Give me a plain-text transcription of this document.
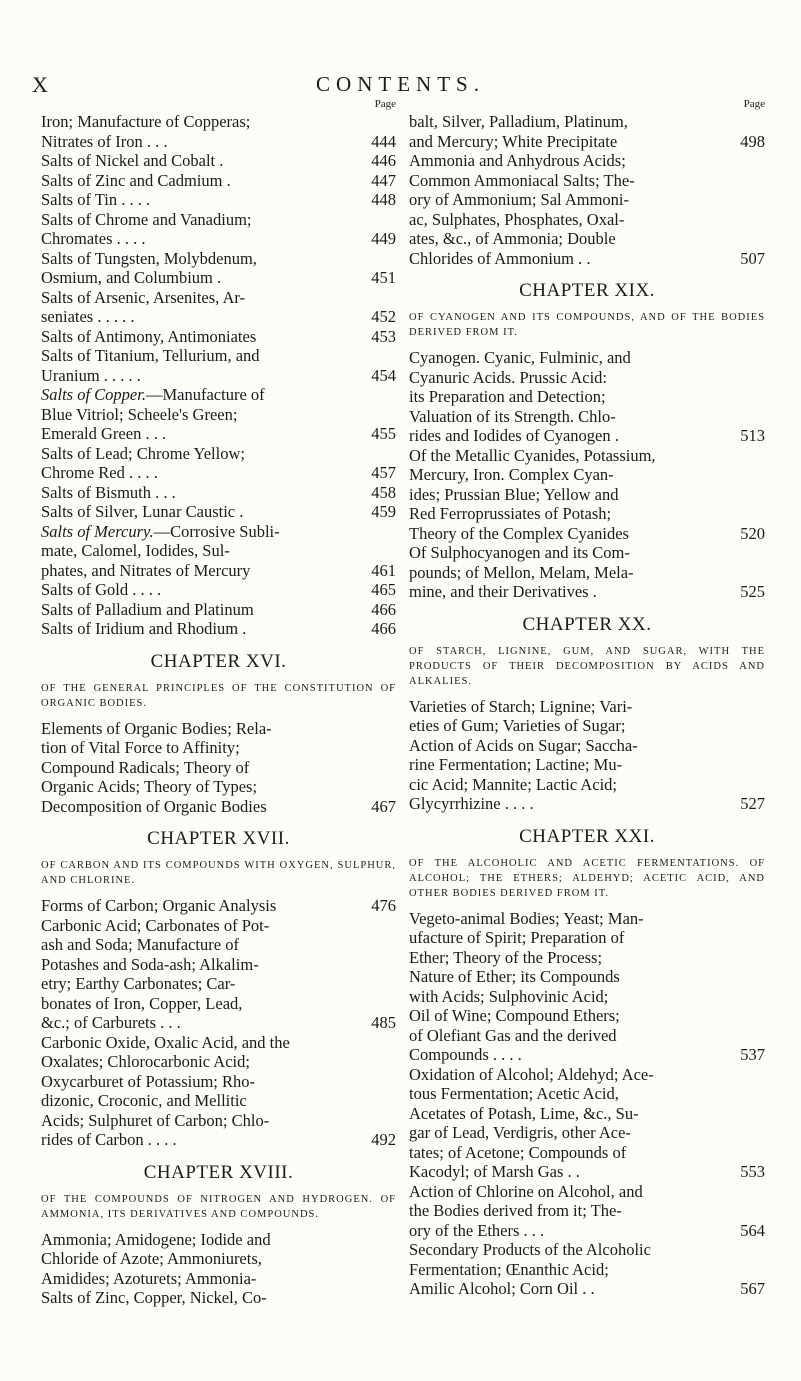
X	CONTENTS.
Page
Iron; Manufacture of Copperas;
Nitrates of Iron . . .	444
Salts of Nickel and Cobalt .	446
Salts of Zinc and Cadmium .	447
Salts of Tin . . . .	448
Salts of Chrome and Vanadium;
Chromates . . . .	449
Salts of Tungsten, Molybdenum,
Osmium, and Columbium .	451
Salts of Arsenic, Arsenites, Ar-
seniates . . . . .	452
Salts of Antimony, Antimoniates	453
Salts of Titanium, Tellurium, and
Uranium . . . . .	454
Salts of Copper.—Manufacture of
Blue Vitriol; Scheele's Green;
Emerald Green . . .	455
Salts of Lead; Chrome Yellow;
Chrome Red . . . .	457
Salts of Bismuth . . .	458
Salts of Silver, Lunar Caustic .	459
Salts of Mercury.—Corrosive Subli-
mate, Calomel, Iodides, Sul-
phates, and Nitrates of Mercury	461
Salts of Gold . . . .	465
Salts of Palladium and Platinum	466
Salts of Iridium and Rhodium .	466
CHAPTER XVI.
OF THE GENERAL PRINCIPLES OF THE CONSTITUTION OF ORGANIC BODIES.
Elements of Organic Bodies; Rela-
tion of Vital Force to Affinity;
Compound Radicals; Theory of
Organic Acids; Theory of Types;
Decomposition of Organic Bodies	467
CHAPTER XVII.
OF CARBON AND ITS COMPOUNDS WITH OXYGEN, SULPHUR, AND CHLORINE.
Forms of Carbon; Organic Analysis	476
Carbonic Acid; Carbonates of Pot-
ash and Soda; Manufacture of
Potashes and Soda-ash; Alkalim-
etry; Earthy Carbonates; Car-
bonates of Iron, Copper, Lead,
&c.; of Carburets . . .	485
Carbonic Oxide, Oxalic Acid, and the
Oxalates; Chlorocarbonic Acid;
Oxycarburet of Potassium; Rho-
dizonic, Croconic, and Mellitic
Acids; Sulphuret of Carbon; Chlo-
rides of Carbon . . . .	492
CHAPTER XVIII.
OF THE COMPOUNDS OF NITROGEN AND HYDROGEN. OF AMMONIA, ITS DERIVATIVES AND COMPOUNDS.
Ammonia; Amidogene; Iodide and
Chloride of Azote; Ammoniurets,
Amidides; Azoturets; Ammonia-
Salts of Zinc, Copper, Nickel, Co-
Page
balt, Silver, Palladium, Platinum,
and Mercury; White Precipitate	498
Ammonia and Anhydrous Acids;
Common Ammoniacal Salts; The-
ory of Ammonium; Sal Ammoni-
ac, Sulphates, Phosphates, Oxal-
ates, &c., of Ammonia; Double
Chlorides of Ammonium . .	507
CHAPTER XIX.
OF CYANOGEN AND ITS COMPOUNDS, AND OF THE BODIES DERIVED FROM IT.
Cyanogen. Cyanic, Fulminic, and
Cyanuric Acids. Prussic Acid:
its Preparation and Detection;
Valuation of its Strength. Chlo-
rides and Iodides of Cyanogen .	513
Of the Metallic Cyanides, Potassium,
Mercury, Iron. Complex Cyan-
ides; Prussian Blue; Yellow and
Red Ferroprussiates of Potash;
Theory of the Complex Cyanides	520
Of Sulphocyanogen and its Com-
pounds; of Mellon, Melam, Mela-
mine, and their Derivatives .	525
CHAPTER XX.
OF STARCH, LIGNINE, GUM, AND SUGAR, WITH THE PRODUCTS OF THEIR DECOMPOSITION BY ACIDS AND ALKALIES.
Varieties of Starch; Lignine; Vari-
eties of Gum; Varieties of Sugar;
Action of Acids on Sugar; Saccha-
rine Fermentation; Lactine; Mu-
cic Acid; Mannite; Lactic Acid;
Glycyrrhizine . . . .	527
CHAPTER XXI.
OF THE ALCOHOLIC AND ACETIC FERMENTATIONS. OF ALCOHOL; THE ETHERS; ALDEHYD; ACETIC ACID, AND OTHER BODIES DERIVED FROM IT.
Vegeto-animal Bodies; Yeast; Man-
ufacture of Spirit; Preparation of
Ether; Theory of the Process;
Nature of Ether; its Compounds
with Acids; Sulphovinic Acid;
Oil of Wine; Compound Ethers;
of Olefiant Gas and the derived
Compounds . . . .	537
Oxidation of Alcohol; Aldehyd; Ace-
tous Fermentation; Acetic Acid,
Acetates of Potash, Lime, &c., Su-
gar of Lead, Verdigris, other Ace-
tates; of Acetone; Compounds of
Kacodyl; of Marsh Gas . .	553
Action of Chlorine on Alcohol, and
the Bodies derived from it; The-
ory of the Ethers . . .	564
Secondary Products of the Alcoholic
Fermentation; Œnanthic Acid;
Amilic Alcohol; Corn Oil . .	567
